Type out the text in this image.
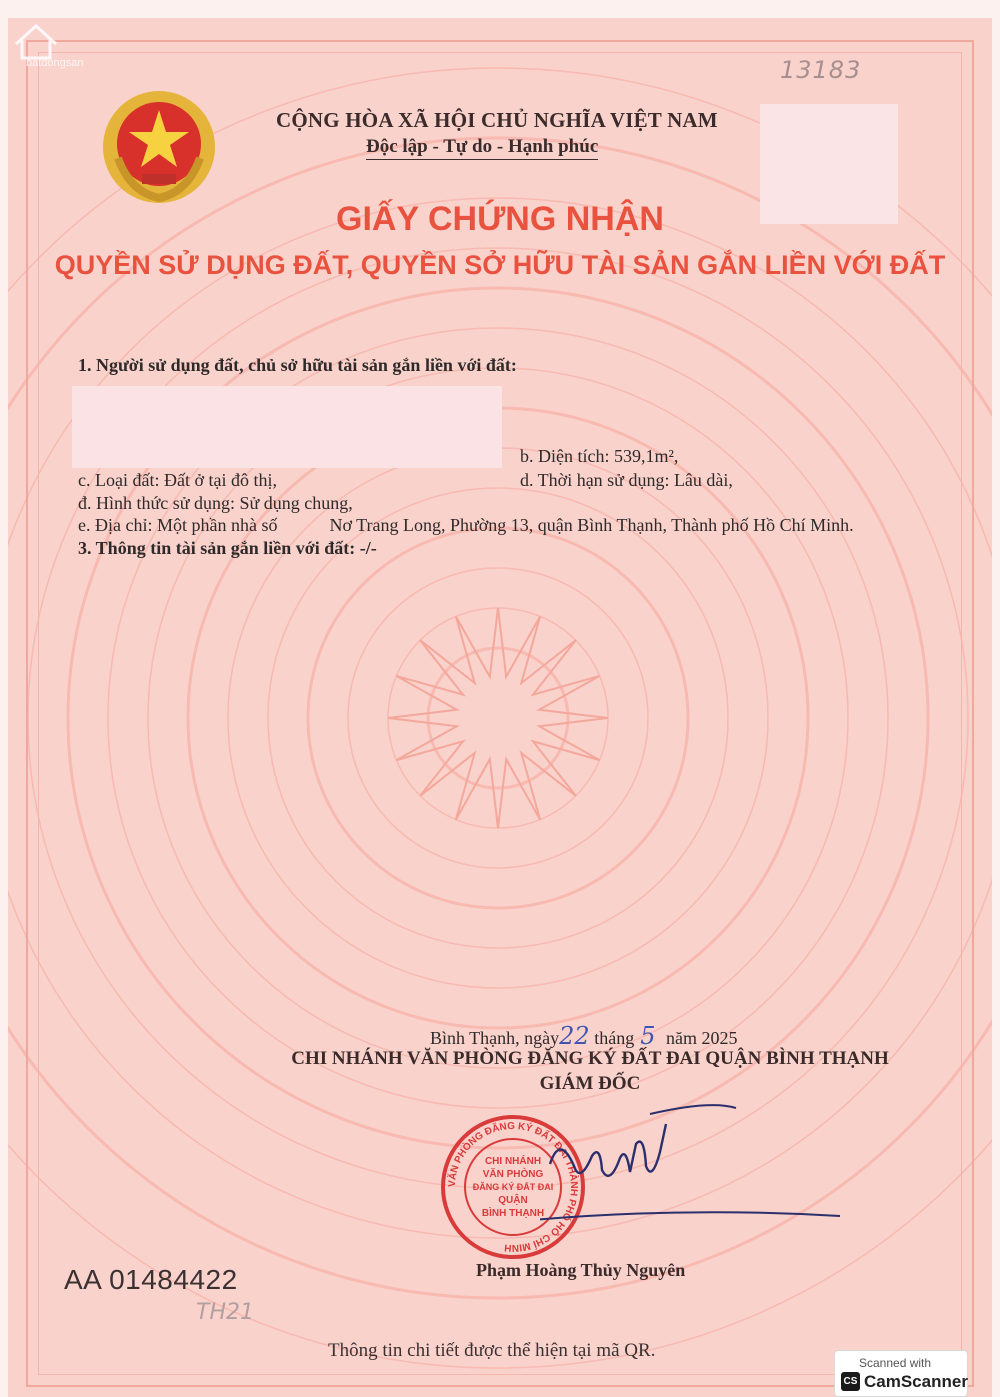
batdongsan
CỘNG HÒA XÃ HỘI CHỦ NGHĨA VIỆT NAM
Độc lập - Tự do - Hạnh phúc
13183
GIẤY CHỨNG NHẬN
QUYỀN SỬ DỤNG ĐẤT, QUYỀN SỞ HỮU TÀI SẢN GẮN LIỀN VỚI ĐẤT
1. Người sử dụng đất, chủ sở hữu tài sản gắn liền với đất:
b. Diện tích: 539,1m²,
c. Loại đất: Đất ở tại đô thị,	d. Thời hạn sử dụng: Lâu dài,
đ. Hình thức sử dụng: Sử dụng chung,
e. Địa chỉ: Một phần nhà số	Nơ Trang Long, Phường 13, quận Bình Thạnh, Thành phố Hồ Chí Minh.
3. Thông tin tài sản gắn liền với đất: -/-
Bình Thạnh, ngày22 tháng 5 năm 2025
CHI NHÁNH VĂN PHÒNG ĐĂNG KÝ ĐẤT ĐAI QUẬN BÌNH THẠNH
GIÁM ĐỐC
VĂN PHÒNG ĐĂNG KÝ ĐẤT ĐAI THÀNH PHỐ HỒ CHÍ MINH
CHI NHÁNH
VĂN PHÒNG
ĐĂNG KÝ ĐẤT ĐAI
QUẬN
BÌNH THẠNH
Phạm Hoàng Thủy Nguyên
AA 01484422
TH21
Thông tin chi tiết được thể hiện tại mã QR.
Scanned with
CS CamScanner
